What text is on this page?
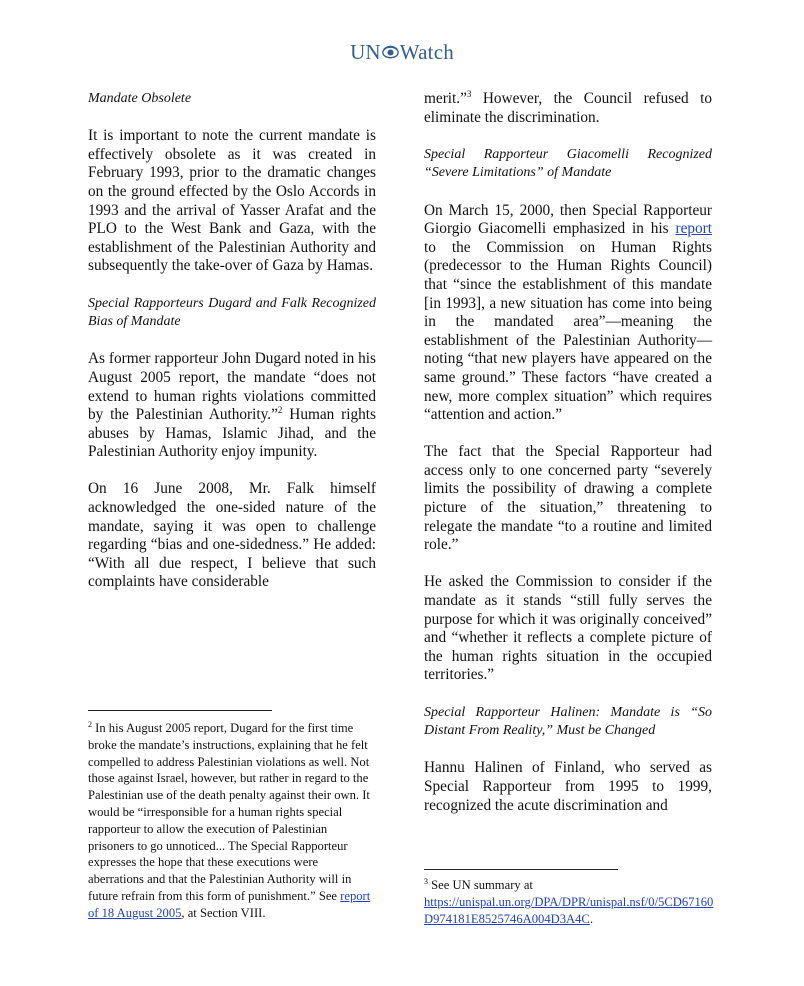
UN Watch
Mandate Obsolete

It is important to note the current mandate is effectively obsolete as it was created in February 1993, prior to the dramatic changes on the ground effected by the Oslo Accords in 1993 and the arrival of Yasser Arafat and the PLO to the West Bank and Gaza, with the establishment of the Palestinian Authority and subsequently the take-over of Gaza by Hamas.

Special Rapporteurs Dugard and Falk Recognized Bias of Mandate

As former rapporteur John Dugard noted in his August 2005 report, the mandate “does not extend to human rights violations committed by the Palestinian Authority.”$^2$ Human rights abuses by Hamas, Islamic Jihad, and the Palestinian Authority enjoy impunity.

On 16 June 2008, Mr. Falk himself acknowledged the one-sided nature of the mandate, saying it was open to challenge regarding “bias and one-sidedness.” He added: “With all due respect, I believe that such complaints have considerable

merit.”$^3$ However, the Council refused to eliminate the discrimination.

Special Rapporteur Giacomelli Recognized “Severe Limitations” of Mandate

On March 15, 2000, then Special Rapporteur Giorgio Giacomelli emphasized in his report to the Commission on Human Rights (predecessor to the Human Rights Council) that “since the establishment of this mandate [in 1993], a new situation has come into being in the mandated area”—meaning the establishment of the Palestinian Authority— noting “that new players have appeared on the same ground.” These factors “have created a new, more complex situation” which requires “attention and action.”

The fact that the Special Rapporteur had access only to one concerned party “severely limits the possibility of drawing a complete picture of the situation,” threatening to relegate the mandate “to a routine and limited role.”

He asked the Commission to consider if the mandate as it stands “still fully serves the purpose for which it was originally conceived” and “whether it reflects a complete picture of the human rights situation in the occupied territories.”

Special Rapporteur Halinen: Mandate is “So Distant From Reality,” Must be Changed

Hannu Halinen of Finland, who served as Special Rapporteur from 1995 to 1999, recognized the acute discrimination and

$^2$ In his August 2005 report, Dugard for the first time broke the mandate’s instructions, explaining that he felt compelled to address Palestinian violations as well. Not those against Israel, however, but rather in regard to the Palestinian use of the death penalty against their own. It would be “irresponsible for a human rights special rapporteur to allow the execution of Palestinian prisoners to go unnoticed... The Special Rapporteur expresses the hope that these executions were aberrations and that the Palestinian Authority will in future refrain from this form of punishment.” See report of 18 August 2005, at Section VIII.
$^3$ See UN summary at
https://unispal.un.org/DPA/DPR/unispal.nsf/0/5CD67160D974181E8525746A004D3A4C.
